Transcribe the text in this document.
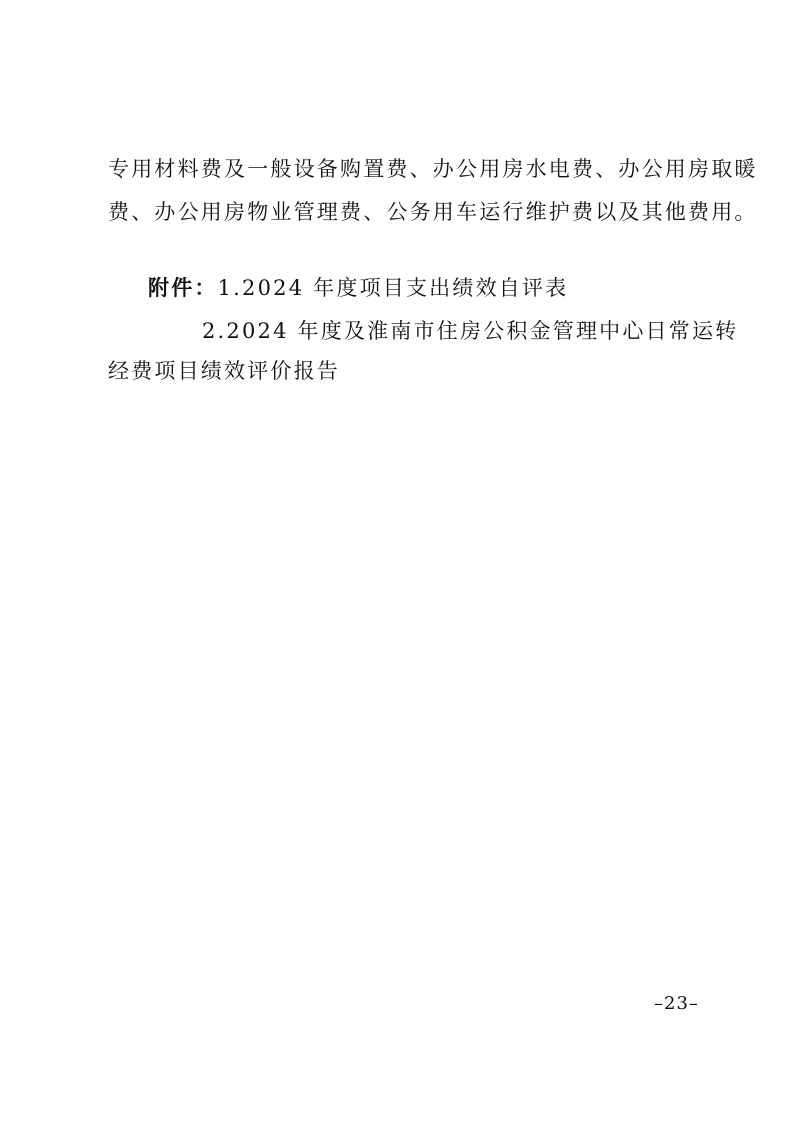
专用材料费及一般设备购置费、办公用房水电费、办公用房取暖
费、办公用房物业管理费、公务用车运行维护费以及其他费用。
附件：1.2024 年度项目支出绩效自评表
2.2024 年度及淮南市住房公积金管理中心日常运转
经费项目绩效评价报告
–23–
